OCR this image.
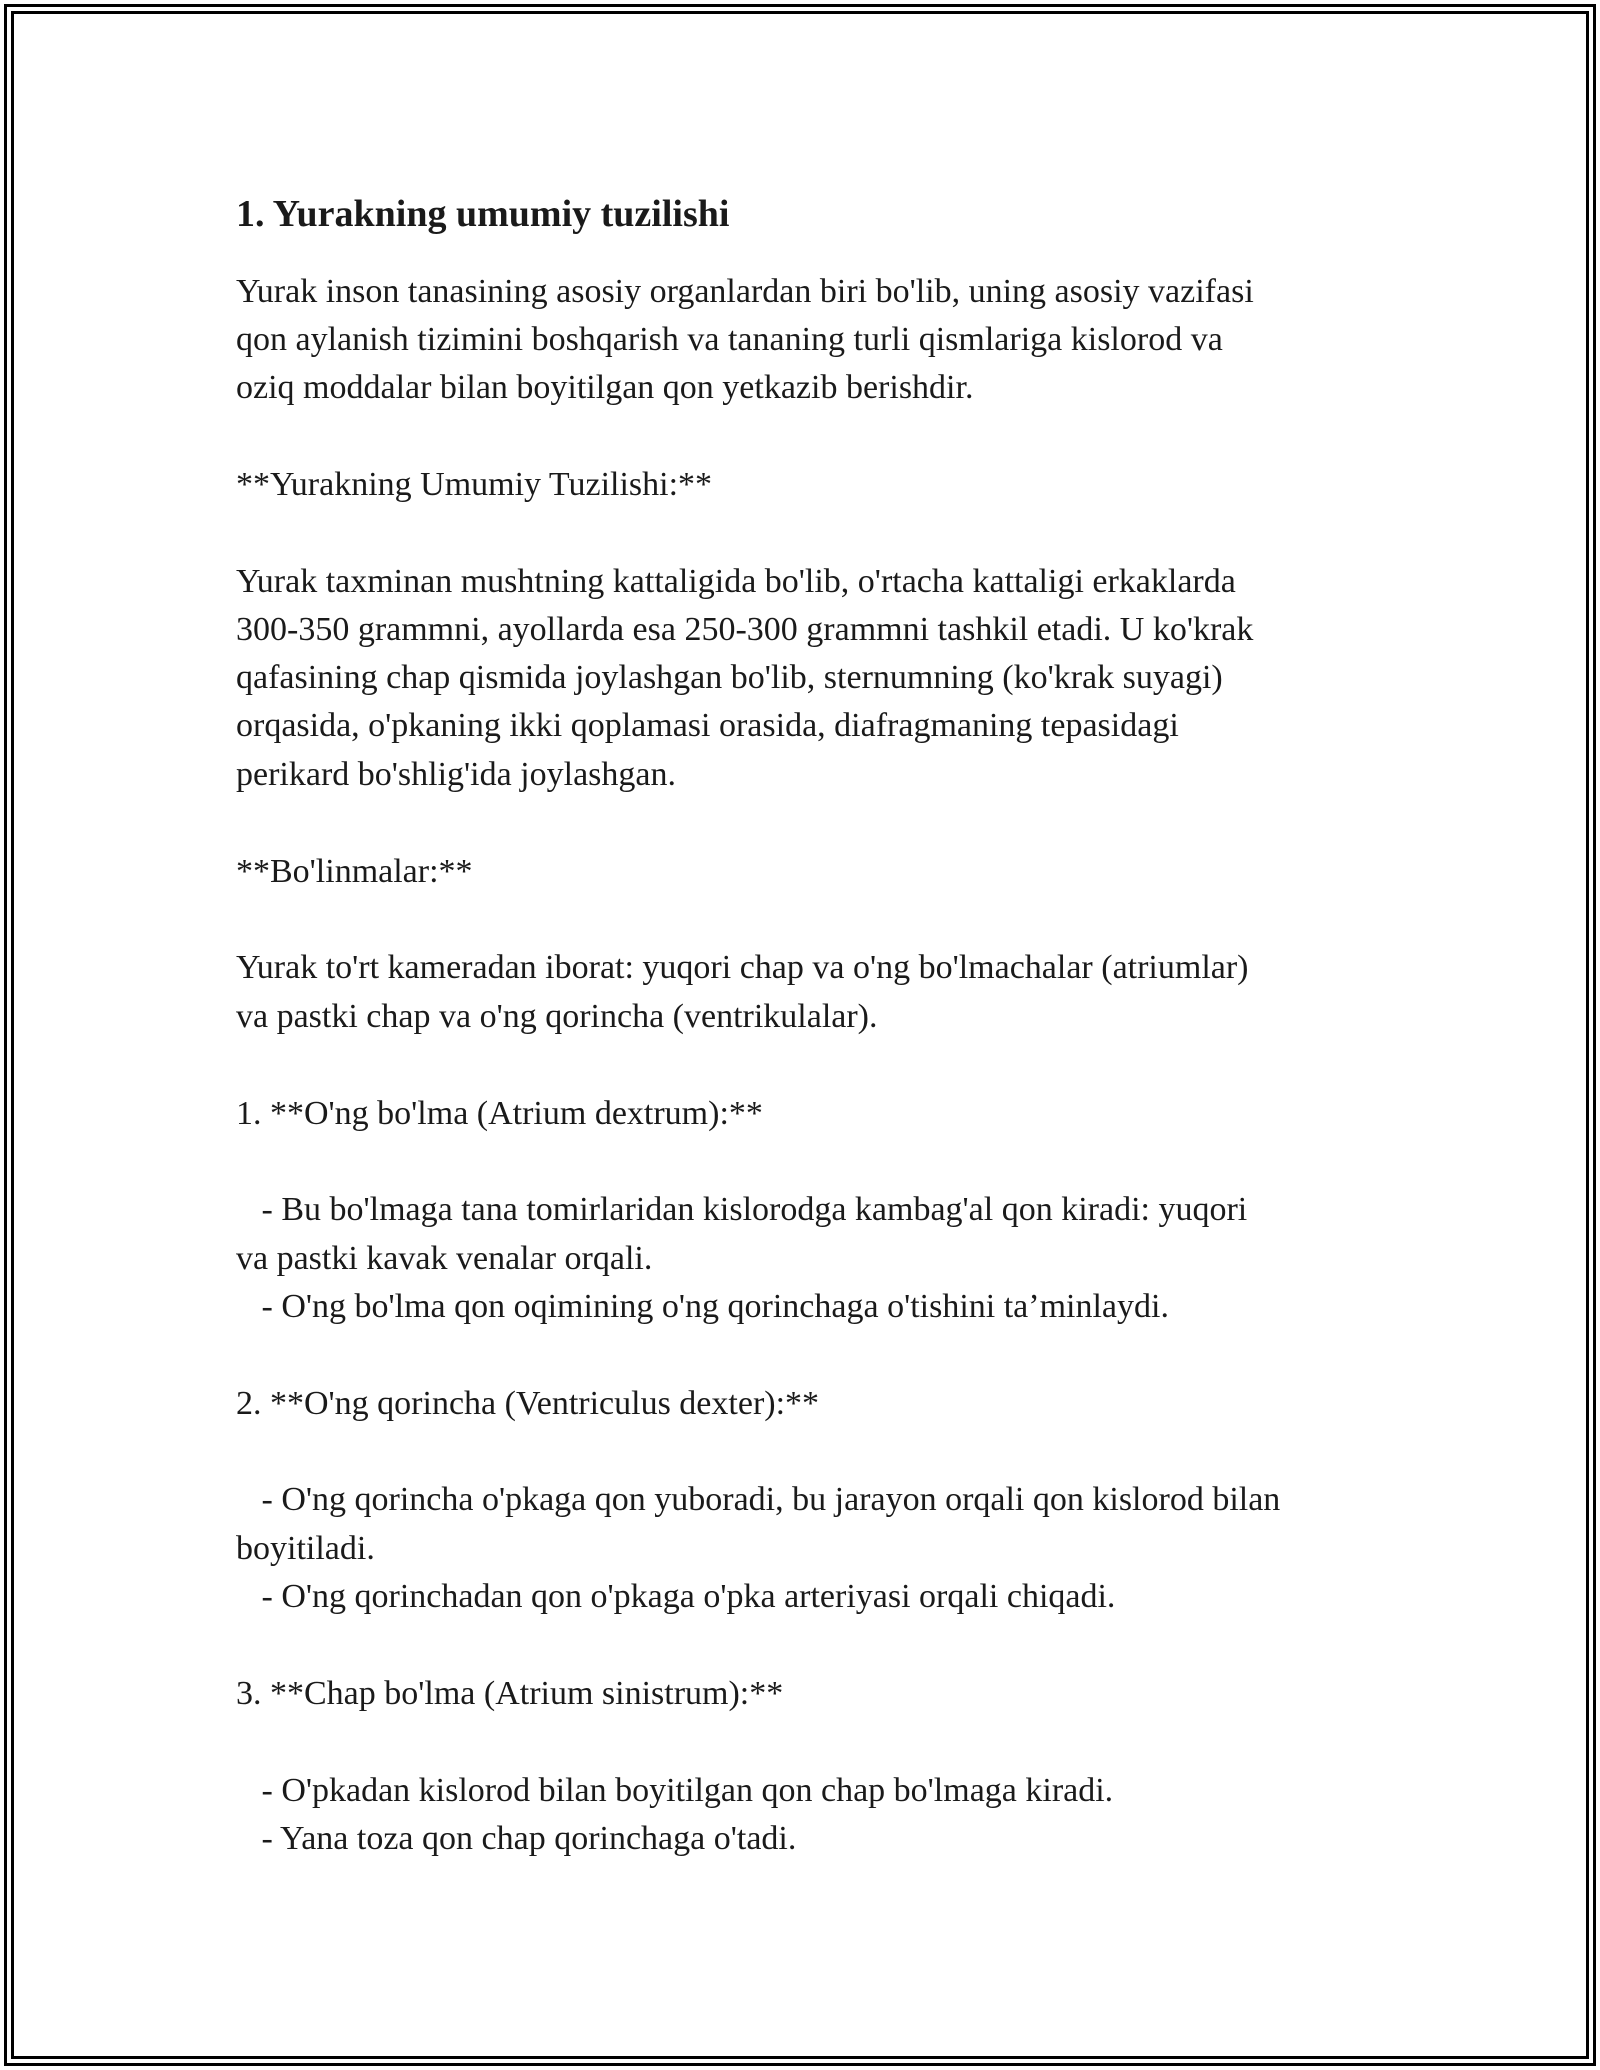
1. Yurakning umumiy tuzilishi
Yurak inson tanasining asosiy organlardan biri bo'lib, uning asosiy vazifasi
qon aylanish tizimini boshqarish va tananing turli qismlariga kislorod va
oziq moddalar bilan boyitilgan qon yetkazib berishdir.
**Yurakning Umumiy Tuzilishi:**
Yurak taxminan mushtning kattaligida bo'lib, o'rtacha kattaligi erkaklarda
300-350 grammni, ayollarda esa 250-300 grammni tashkil etadi. U ko'krak
qafasining chap qismida joylashgan bo'lib, sternumning (ko'krak suyagi)
orqasida, o'pkaning ikki qoplamasi orasida, diafragmaning tepasidagi
perikard bo'shlig'ida joylashgan.
**Bo'linmalar:**
Yurak to'rt kameradan iborat: yuqori chap va o'ng bo'lmachalar (atriumlar)
va pastki chap va o'ng qorincha (ventrikulalar).
1. **O'ng bo'lma (Atrium dextrum):**
- Bu bo'lmaga tana tomirlaridan kislorodga kambag'al qon kiradi: yuqori
va pastki kavak venalar orqali.
- O'ng bo'lma qon oqimining o'ng qorinchaga o'tishini ta’minlaydi.
2. **O'ng qorincha (Ventriculus dexter):**
- O'ng qorincha o'pkaga qon yuboradi, bu jarayon orqali qon kislorod bilan
boyitiladi.
- O'ng qorinchadan qon o'pkaga o'pka arteriyasi orqali chiqadi.
3. **Chap bo'lma (Atrium sinistrum):**
- O'pkadan kislorod bilan boyitilgan qon chap bo'lmaga kiradi.
- Yana toza qon chap qorinchaga o'tadi.
